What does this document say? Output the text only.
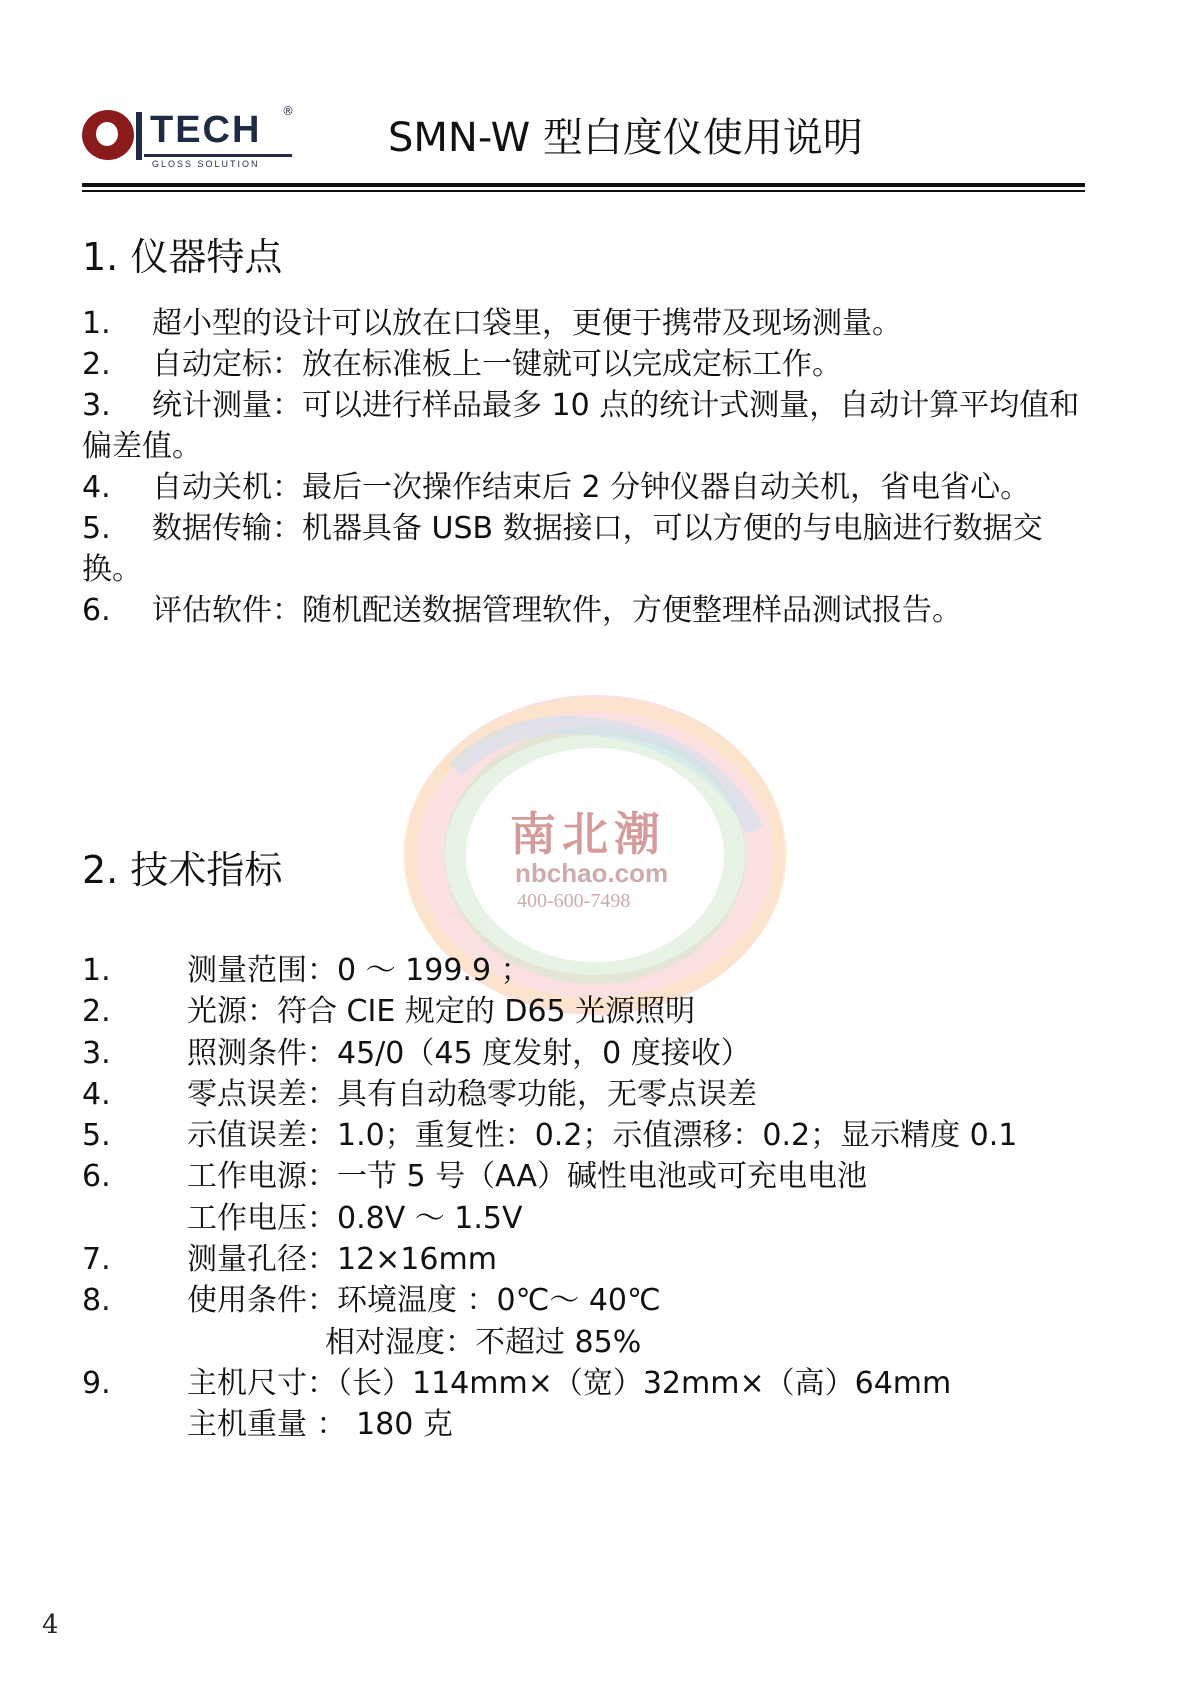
TECH
GLOSS SOLUTION
®
SMN-W 型白度仪使用说明
南北潮
nbchao.com
400-600-7498
1. 仪器特点
1. 超小型的设计可以放在口袋里，更便于携带及现场测量。
2. 自动定标：放在标准板上一键就可以完成定标工作。
3. 统计测量：可以进行样品最多 10 点的统计式测量，自动计算平均值和偏差值。
4. 自动关机：最后一次操作结束后 2 分钟仪器自动关机，省电省心。
5. 数据传输：机器具备 USB 数据接口，可以方便的与电脑进行数据交换。
6. 评估软件：随机配送数据管理软件，方便整理样品测试报告。
2. 技术指标
1.	测量范围：0 ～ 199.9 ；
2.	光源：符合 CIE 规定的 D65 光源照明
3.	照测条件：45/0（45 度发射，0 度接收）
4.	零点误差：具有自动稳零功能，无零点误差
5.	示值误差：1.0；重复性：0.2；示值漂移：0.2；显示精度 0.1
6.	工作电源：一节 5 号（AA）碱性电池或可充电电池
工作电压：0.8V ～ 1.5V
7.	测量孔径：12×16mm
8.	使用条件：环境温度 ：0℃～ 40℃
相对湿度：不超过 85%
9.	主机尺寸：（长）114mm×（宽）32mm×（高）64mm
主机重量 ： 180 克
4
